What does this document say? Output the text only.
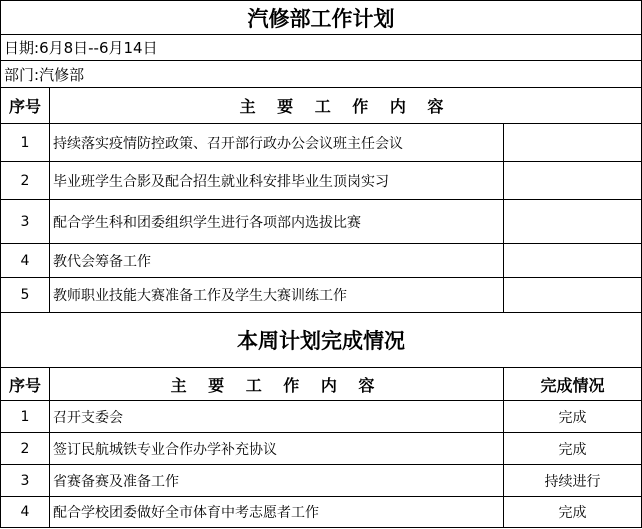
汽修部工作计划		
日期:6月8日--6月14日		
部门:汽修部		
序号	主 要 工 作 内 容	
1	持续落实疫情防控政策、召开部行政办公会议班主任会议	
2	毕业班学生合影及配合招生就业科安排毕业生顶岗实习	
3	配合学生科和团委组织学生进行各项部内选拔比赛	
4	教代会筹备工作	
5	教师职业技能大赛准备工作及学生大赛训练工作	
本周计划完成情况		
序号	主 要 工 作 内 容	完成情况
1	召开支委会	完成
2	签订民航城铁专业合作办学补充协议	完成
3	省赛备赛及准备工作	持续进行
4	配合学校团委做好全市体育中考志愿者工作	完成
